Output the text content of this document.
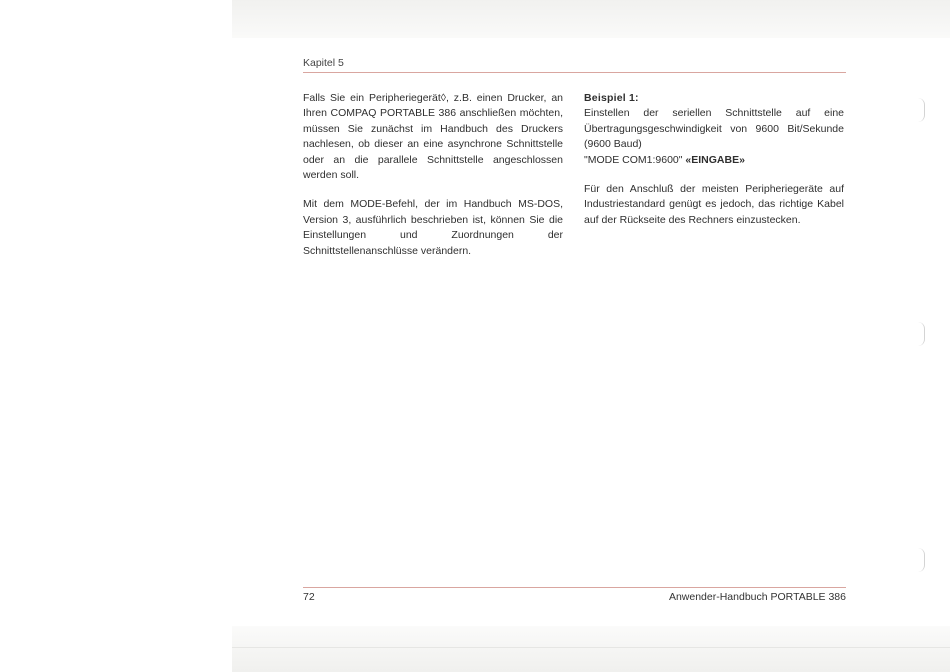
Kapitel 5

Falls Sie ein Peripheriegerät◊, z.B. einen Drucker, an Ihren COMPAQ PORTABLE 386 anschließen möchten, müssen Sie zunächst im Handbuch des Druckers nachlesen, ob dieser an eine asynchrone Schnittstelle oder an die parallele Schnittstelle angeschlossen werden soll.

Mit dem MODE-Befehl, der im Handbuch MS-DOS, Version 3, ausführlich beschrieben ist, können Sie die Einstellungen und Zuordnungen der Schnittstellenanschlüsse verändern.

Beispiel 1:

Einstellen der seriellen Schnittstelle auf eine Übertragungsgeschwindigkeit von 9600 Bit/Sekunde (9600 Baud)

"MODE COM1:9600" «EINGABE»

Für den Anschluß der meisten Peripheriegeräte auf Industriestandard genügt es jedoch, das richtige Kabel auf der Rückseite des Rechners einzustecken.

72	Anwender-Handbuch PORTABLE 386
